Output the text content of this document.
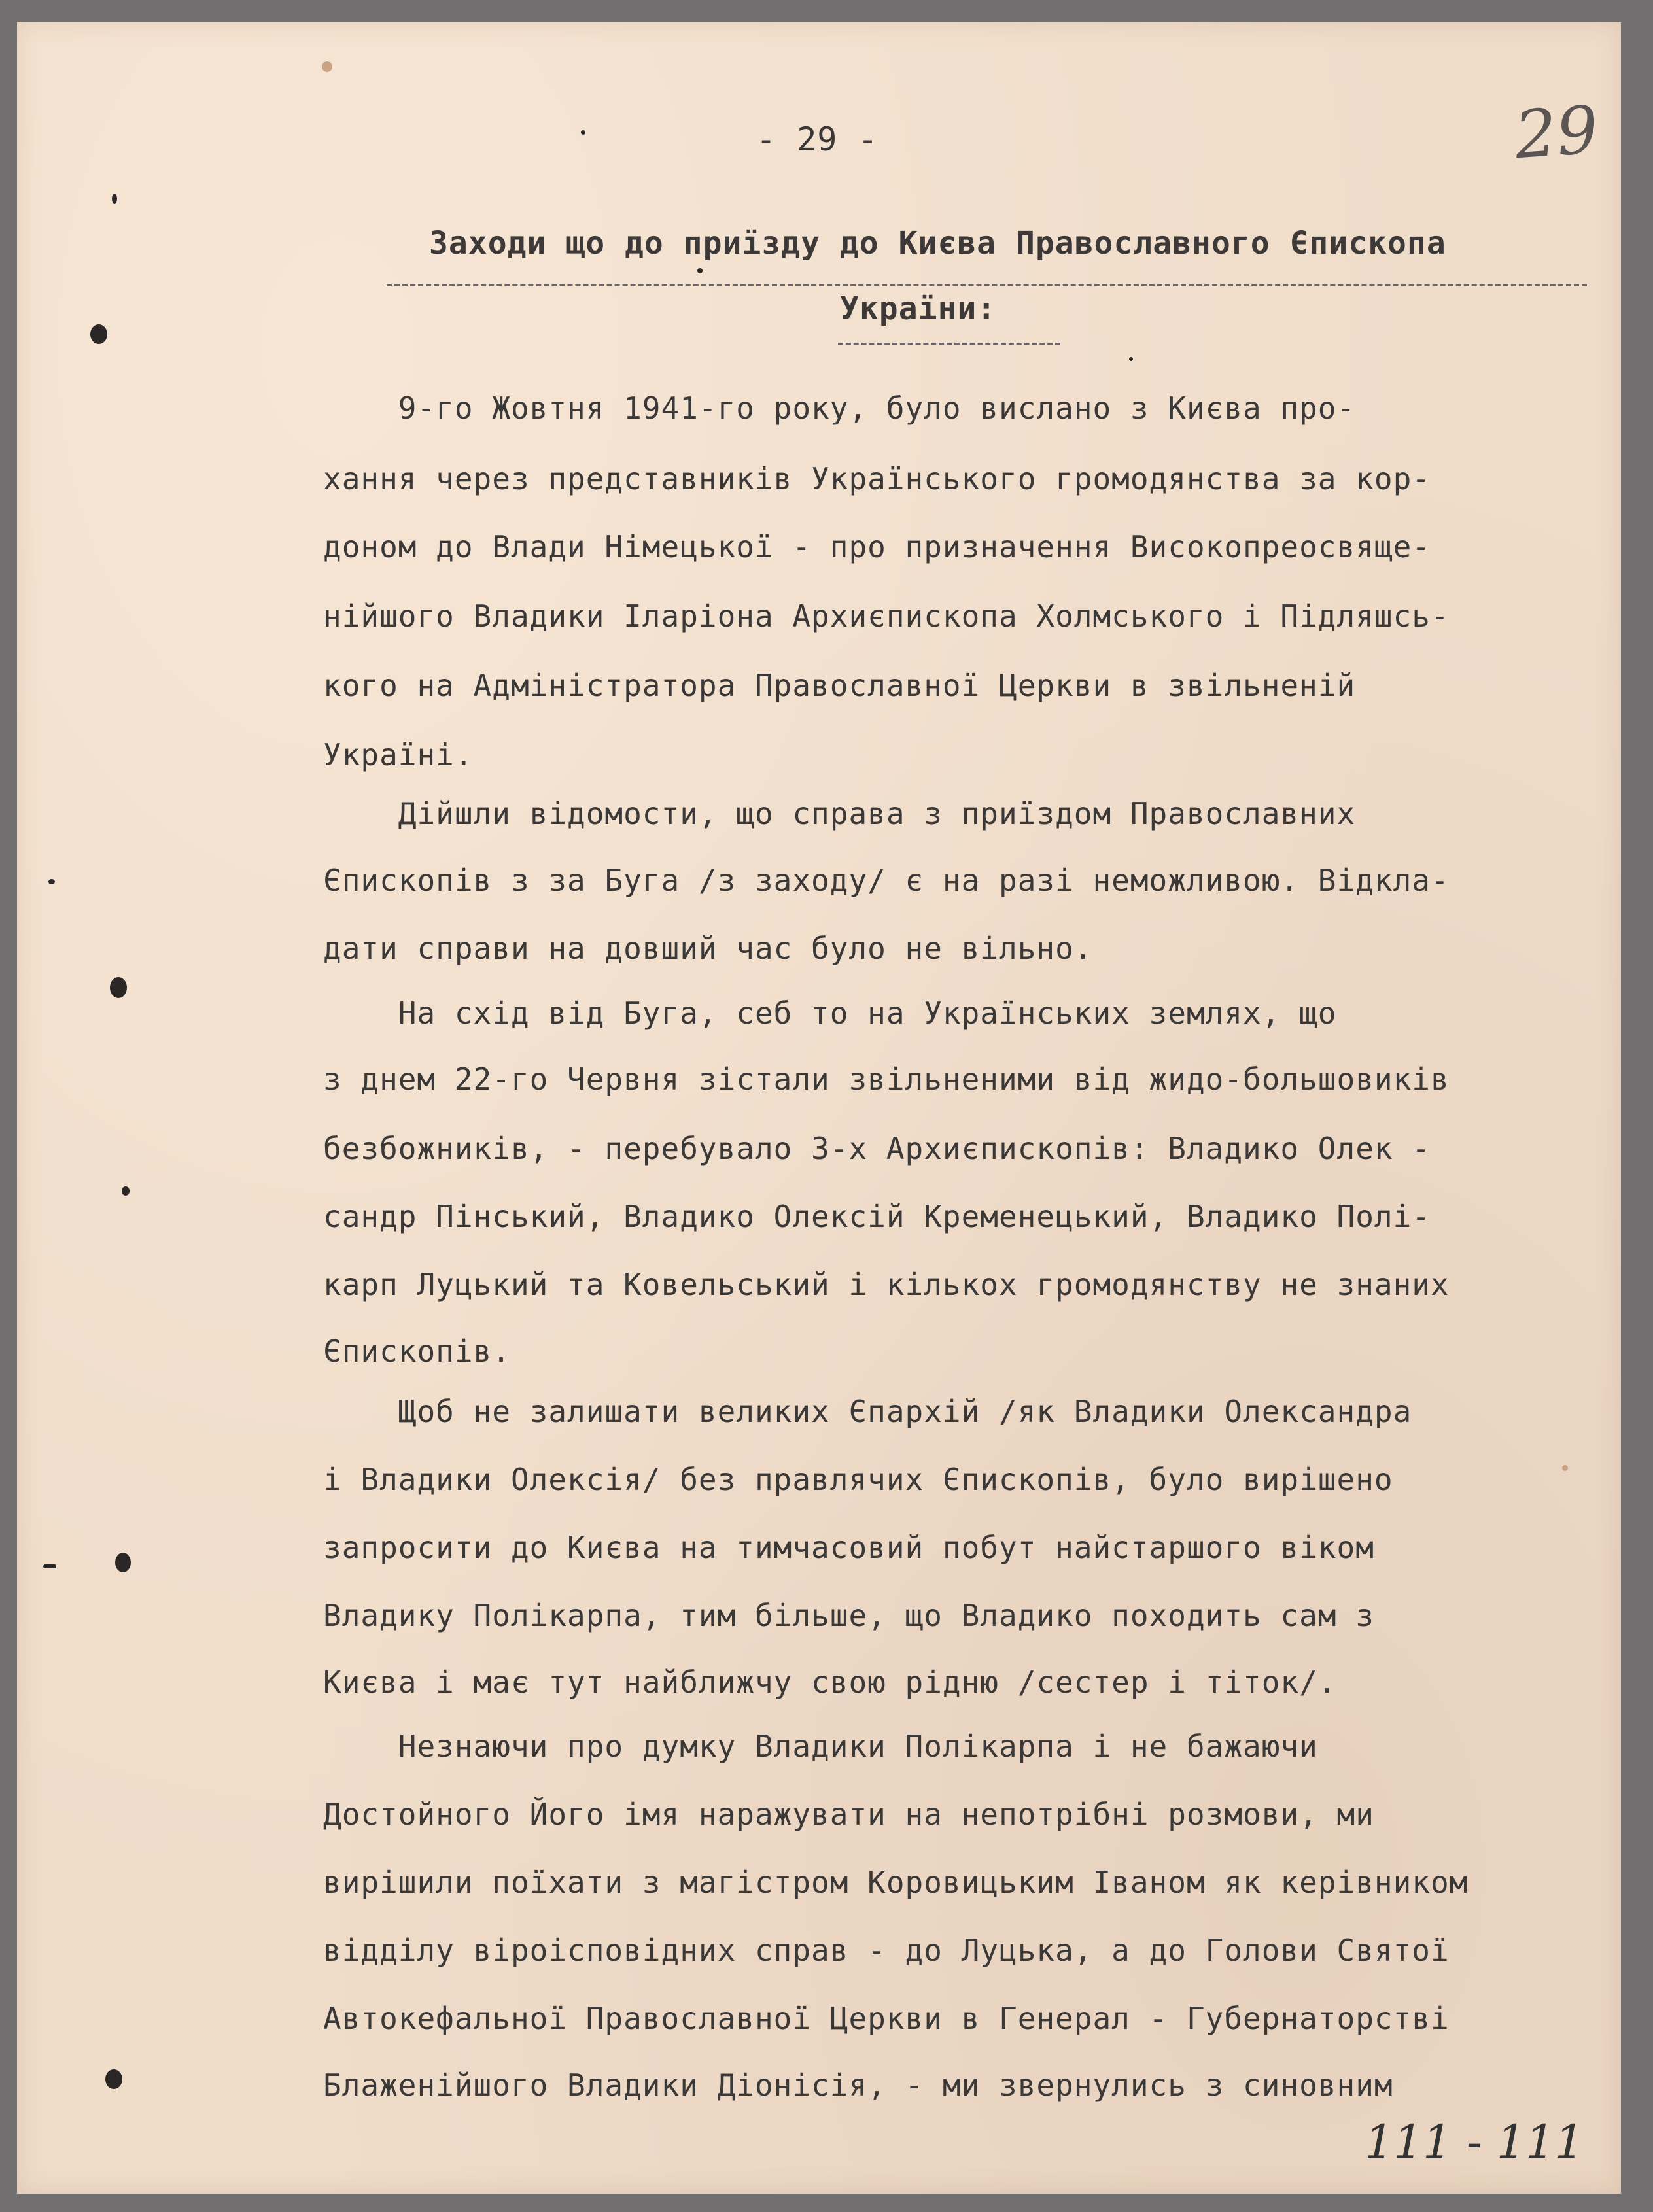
- 29 -	29
Заходи що до приїзду до Києва Православного Єпископа
України:
9-го Жовтня 1941-го року, було вислано з Києва про-
хання через представників Українського громодянства за кор-
доном до Влади Німецької - про призначення Високопреосвяще-
нійшого Владики Іларіона Архиєпископа Холмського і Підляшсь-
кого на Адміністратора Православної Церкви в звільненій
Україні.
Дійшли відомости, що справа з приїздом Православних
Єпископів з за Буга /з заходу/ є на разі неможливою. Відкла-
дати справи на довший час було не вільно.
На схід від Буга, себ то на Українських землях, що
з днем 22-го Червня зістали звільненими від жидо-большовиків
безбожників, - перебувало 3-х Архиєпископів: Владико Олек -
сандр Пінський, Владико Олексій Кременецький, Владико Полі-
карп Луцький та Ковельський і кількох громодянству не знаних
Єпископів.
Щоб не залишати великих Єпархій /як Владики Олександра
і Владики Олексія/ без правлячих Єпископів, було вирішено
запросити до Києва на тимчасовий побут найстаршого віком
Владику Полікарпа, тим більше, що Владико походить сам з
Києва і має тут найближчу свою рідню /сестер і тіток/.
Незнаючи про думку Владики Полікарпа і не бажаючи
Достойного Його імя наражувати на непотрібні розмови, ми
вирішили поїхати з магістром Коровицьким Іваном як керівником
відділу віроісповідних справ - до Луцька, а до Голови Святої
Автокефальної Православної Церкви в Генерал - Губернаторстві
Блаженійшого Владики Діонісія, - ми звернулись з синовним
111 - 111
